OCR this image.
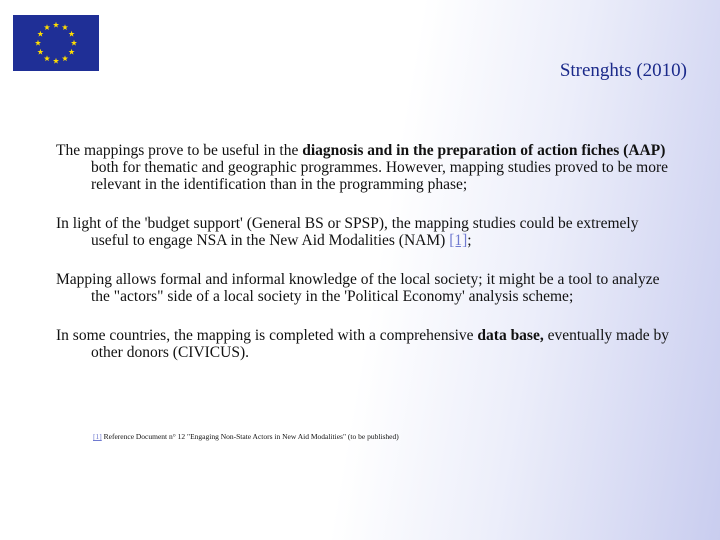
Strenghts (2010)

The mappings prove to be useful in the diagnosis and in the preparation of action fiches (AAP) both for thematic and geographic programmes. However, mapping studies proved to be more relevant in the identification than in the programming phase;

In light of the 'budget support' (General BS or SPSP), the mapping studies could be extremely useful to engage NSA in the New Aid Modalities (NAM) [1];

Mapping allows formal and informal knowledge of the local society; it might be a tool to analyze the "actors" side of a local society in the 'Political Economy' analysis scheme;

In some countries, the mapping is completed with a comprehensive data base, eventually made by other donors (CIVICUS).

[1] Reference Document n° 12 "Engaging Non-State Actors in New Aid Modalities" (to be published)
